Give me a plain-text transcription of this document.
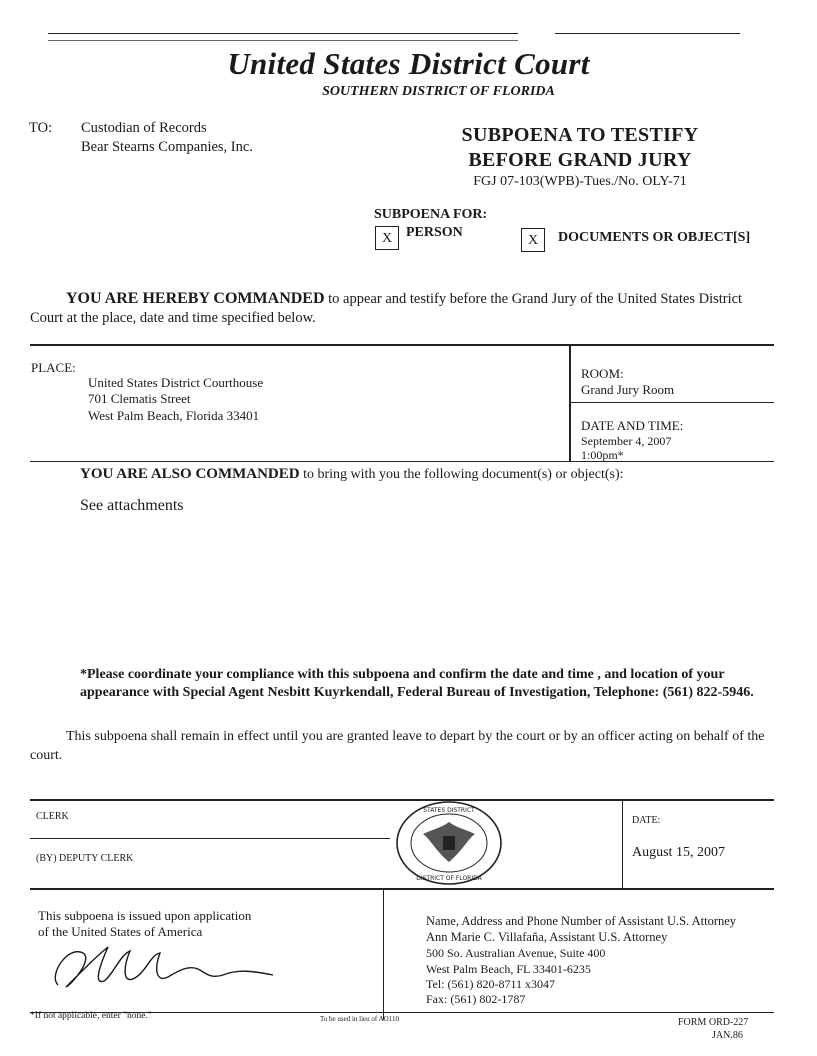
United States District Court
SOUTHERN DISTRICT OF FLORIDA
TO: Custodian of Records
Bear Stearns Companies, Inc.
SUBPOENA TO TESTIFY
BEFORE GRAND JURY
FGJ 07-103(WPB)-Tues./No. OLY-71
SUBPOENA FOR:
X PERSON
X	DOCUMENTS OR OBJECT[S]
YOU ARE HEREBY COMMANDED to appear and testify before the Grand Jury of the United States District Court at the place, date and time specified below.
PLACE:
United States District Courthouse
701 Clematis Street
West Palm Beach, Florida 33401
ROOM:
Grand Jury Room
DATE AND TIME:
September 4, 2007
1:00pm*
YOU ARE ALSO COMMANDED to bring with you the following document(s) or object(s):
See attachments
*Please coordinate your compliance with this subpoena and confirm the date and time , and location of your appearance with Special Agent Nesbitt Kuyrkendall, Federal Bureau of Investigation, Telephone: (561) 822-5946.
This subpoena shall remain in effect until you are granted leave to depart by the court or by an officer acting on behalf of the court.
CLERK
(BY) DEPUTY CLERK
DATE:
August 15, 2007
STATES DISTRICT
DISTRICT OF FLORIDA
This subpoena is issued upon application
of the United States of America
Name, Address and Phone Number of Assistant U.S. Attorney
Ann Marie C. Villafaña, Assistant U.S. Attorney
500 So. Australian Avenue, Suite 400
West Palm Beach, FL 33401-6235
Tel: (561) 820-8711 x3047
Fax: (561) 802-1787
*If not applicable, enter "none."	To be used in lieu of AO110	FORM ORD-227
JAN.86
